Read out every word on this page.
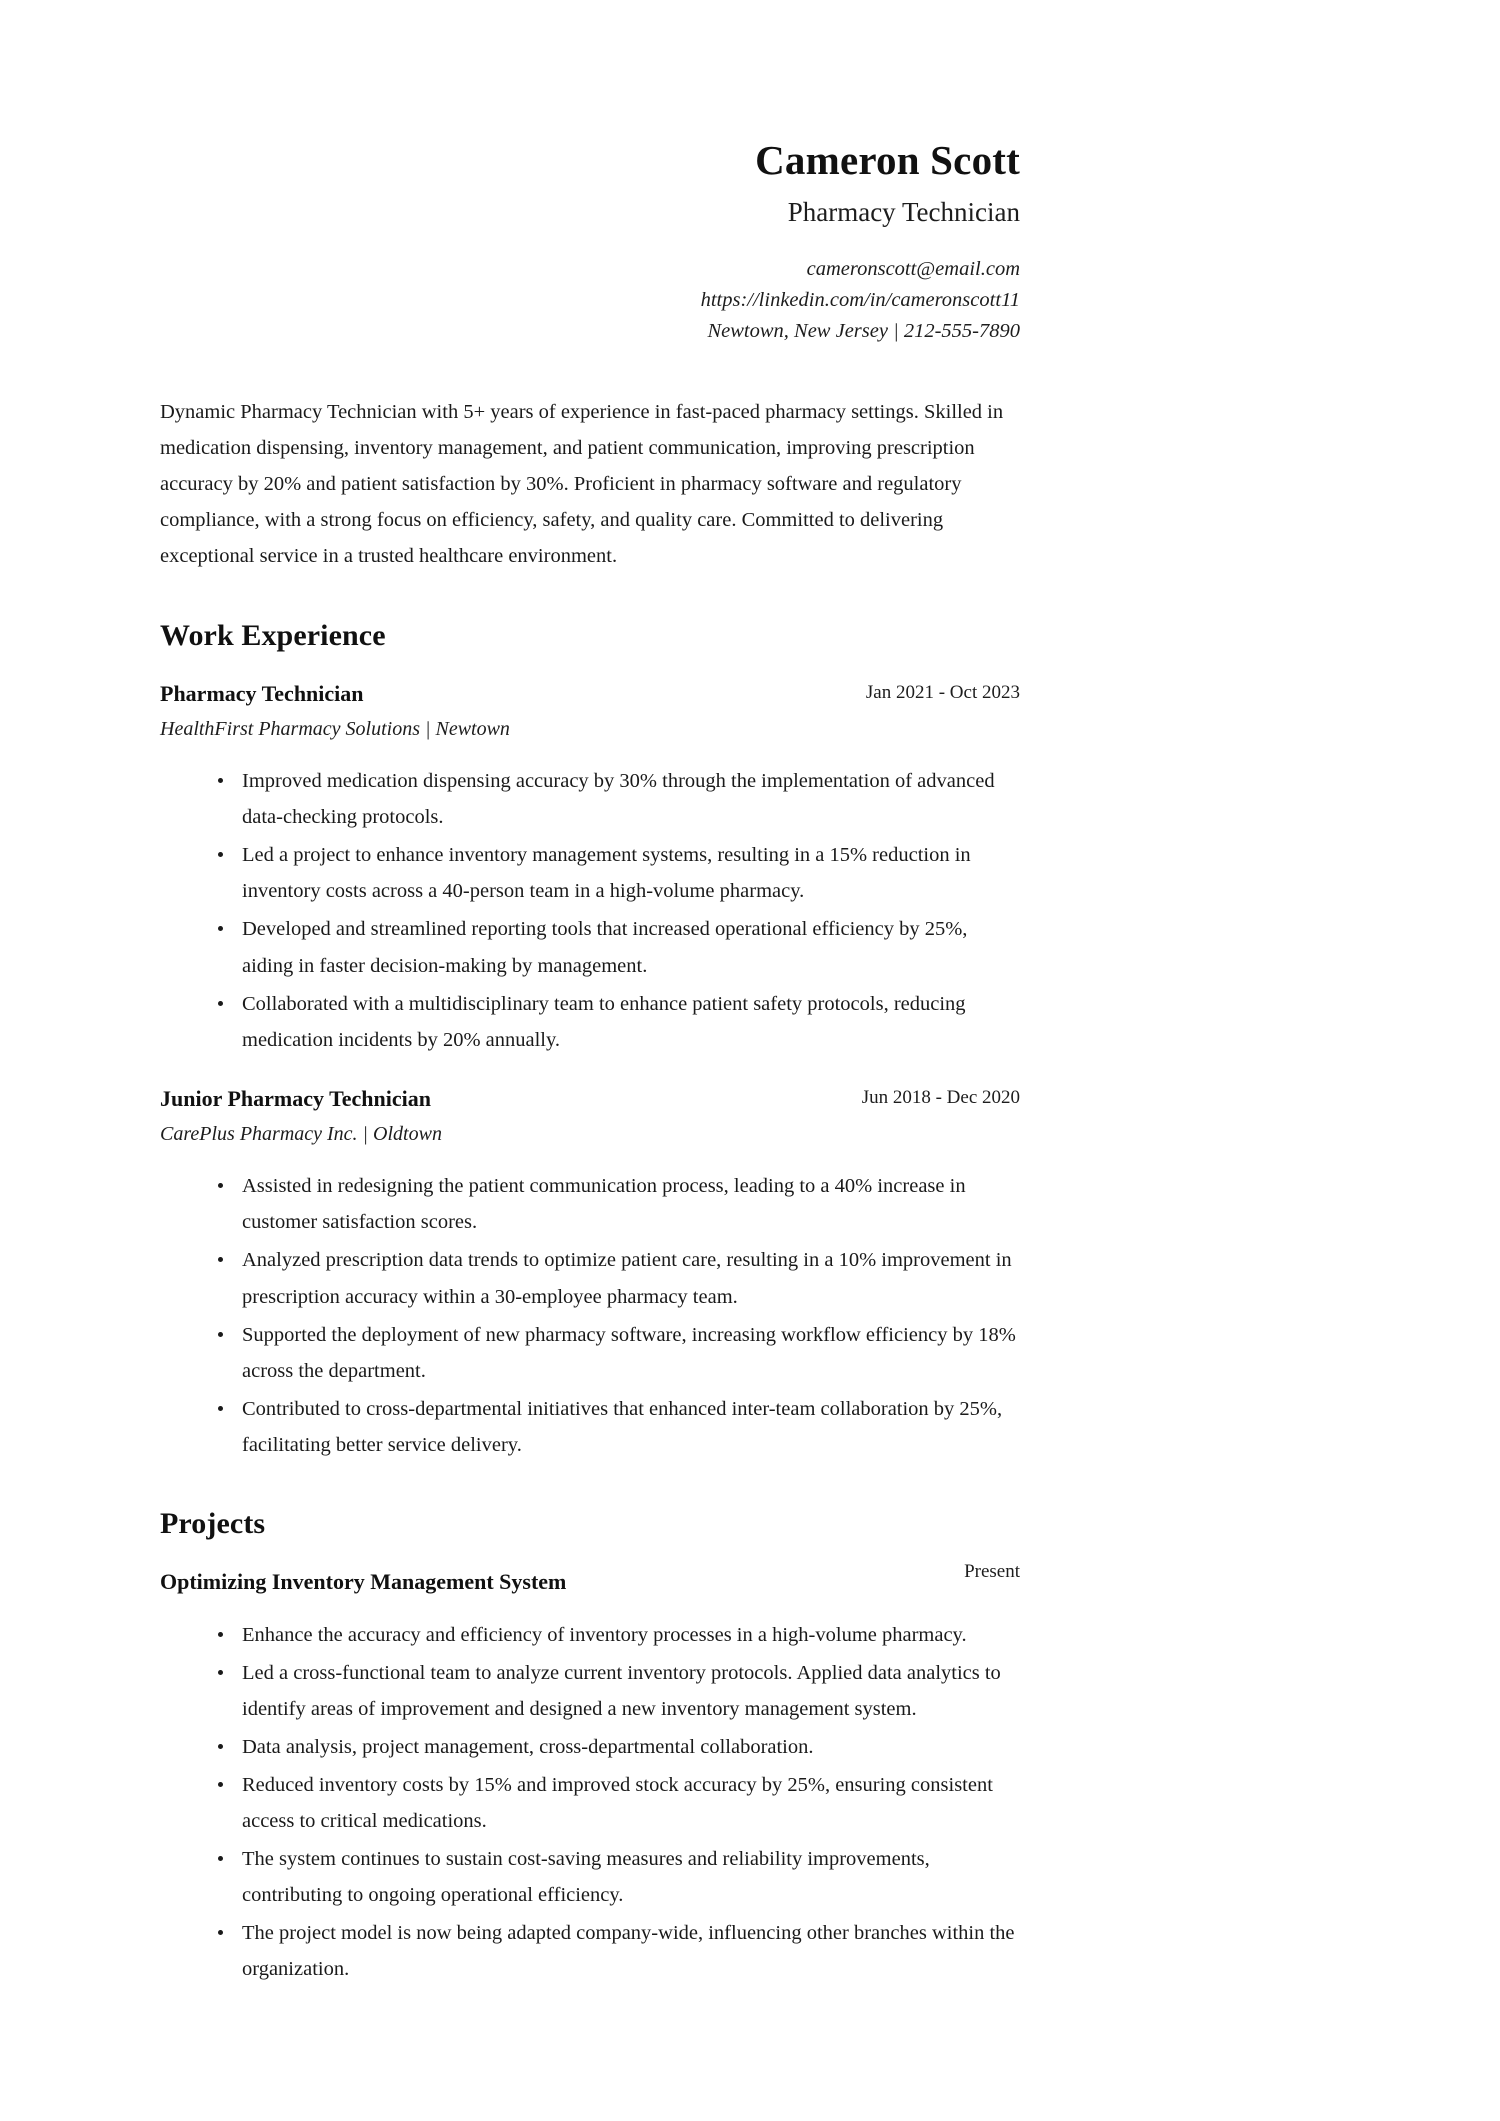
Cameron Scott
Pharmacy Technician
cameronscott@email.com
https://linkedin.com/in/cameronscott11
Newtown, New Jersey | 212-555-7890

Dynamic Pharmacy Technician with 5+ years of experience in fast-paced pharmacy settings. Skilled in medication dispensing, inventory management, and patient communication, improving prescription accuracy by 20% and patient satisfaction by 30%. Proficient in pharmacy software and regulatory compliance, with a strong focus on efficiency, safety, and quality care. Committed to delivering exceptional service in a trusted healthcare environment.

Work Experience
Pharmacy Technician	Jan 2021 - Oct 2023
HealthFirst Pharmacy Solutions | Newtown
Improved medication dispensing accuracy by 30% through the implementation of advanced data-checking protocols.
Led a project to enhance inventory management systems, resulting in a 15% reduction in inventory costs across a 40-person team in a high-volume pharmacy.
Developed and streamlined reporting tools that increased operational efficiency by 25%, aiding in faster decision-making by management.
Collaborated with a multidisciplinary team to enhance patient safety protocols, reducing medication incidents by 20% annually.
Junior Pharmacy Technician	Jun 2018 - Dec 2020
CarePlus Pharmacy Inc. | Oldtown
Assisted in redesigning the patient communication process, leading to a 40% increase in customer satisfaction scores.
Analyzed prescription data trends to optimize patient care, resulting in a 10% improvement in prescription accuracy within a 30-employee pharmacy team.
Supported the deployment of new pharmacy software, increasing workflow efficiency by 18% across the department.
Contributed to cross-departmental initiatives that enhanced inter-team collaboration by 25%, facilitating better service delivery.
Projects
Optimizing Inventory Management System	Present
Enhance the accuracy and efficiency of inventory processes in a high-volume pharmacy.
Led a cross-functional team to analyze current inventory protocols. Applied data analytics to identify areas of improvement and designed a new inventory management system.
Data analysis, project management, cross-departmental collaboration.
Reduced inventory costs by 15% and improved stock accuracy by 25%, ensuring consistent access to critical medications.
The system continues to sustain cost-saving measures and reliability improvements, contributing to ongoing operational efficiency.
The project model is now being adapted company-wide, influencing other branches within the organization.
